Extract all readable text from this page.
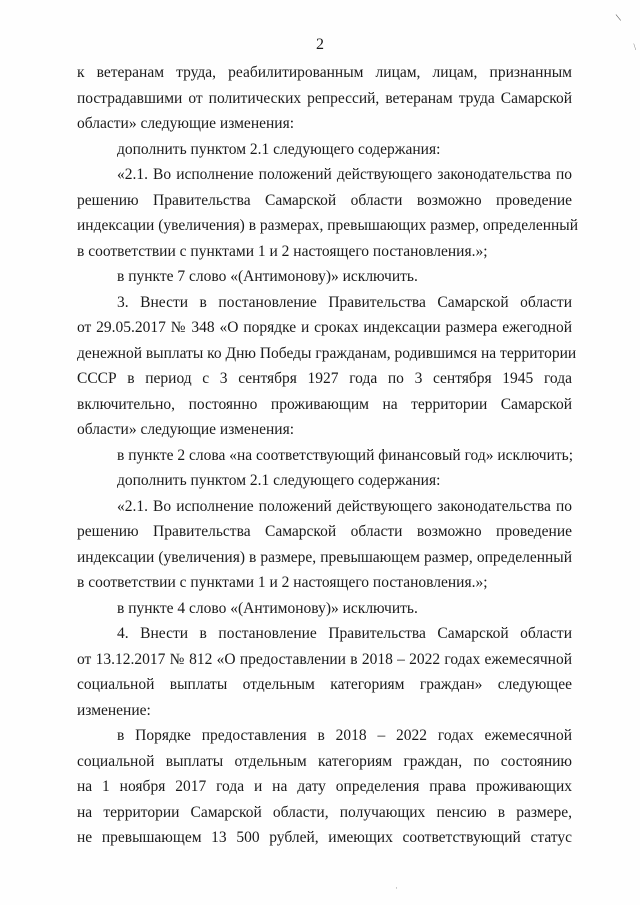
\
\
·
2
к ветеранам труда, реабилитированным лицам, лицам, признанным
пострадавшими от политических репрессий, ветеранам труда Самарской
области» следующие изменения:
дополнить пунктом 2.1 следующего содержания:
«2.1. Во исполнение положений действующего законодательства по
решению Правительства Самарской области возможно проведение
индексации (увеличения) в размерах, превышающих размер, определенный
в соответствии с пунктами 1 и 2 настоящего постановления.»;
в пункте 7 слово «(Антимонову)» исключить.
3. Внести в постановление Правительства Самарской области
от 29.05.2017 № 348 «О порядке и сроках индексации размера ежегодной
денежной выплаты ко Дню Победы гражданам, родившимся на территории
СССР в период с 3 сентября 1927 года по 3 сентября 1945 года
включительно, постоянно проживающим на территории Самарской
области» следующие изменения:
в пункте 2 слова «на соответствующий финансовый год» исключить;
дополнить пунктом 2.1 следующего содержания:
«2.1. Во исполнение положений действующего законодательства по
решению Правительства Самарской области возможно проведение
индексации (увеличения) в размере, превышающем размер, определенный
в соответствии с пунктами 1 и 2 настоящего постановления.»;
в пункте 4 слово «(Антимонову)» исключить.
4. Внести в постановление Правительства Самарской области
от 13.12.2017 № 812 «О предоставлении в 2018 – 2022 годах ежемесячной
социальной выплаты отдельным категориям граждан» следующее
изменение:
в Порядке предоставления в 2018 – 2022 годах ежемесячной
социальной выплаты отдельным категориям граждан, по состоянию
на 1 ноября 2017 года и на дату определения права проживающих
на территории Самарской области, получающих пенсию в размере,
не превышающем 13 500 рублей, имеющих соответствующий статус
